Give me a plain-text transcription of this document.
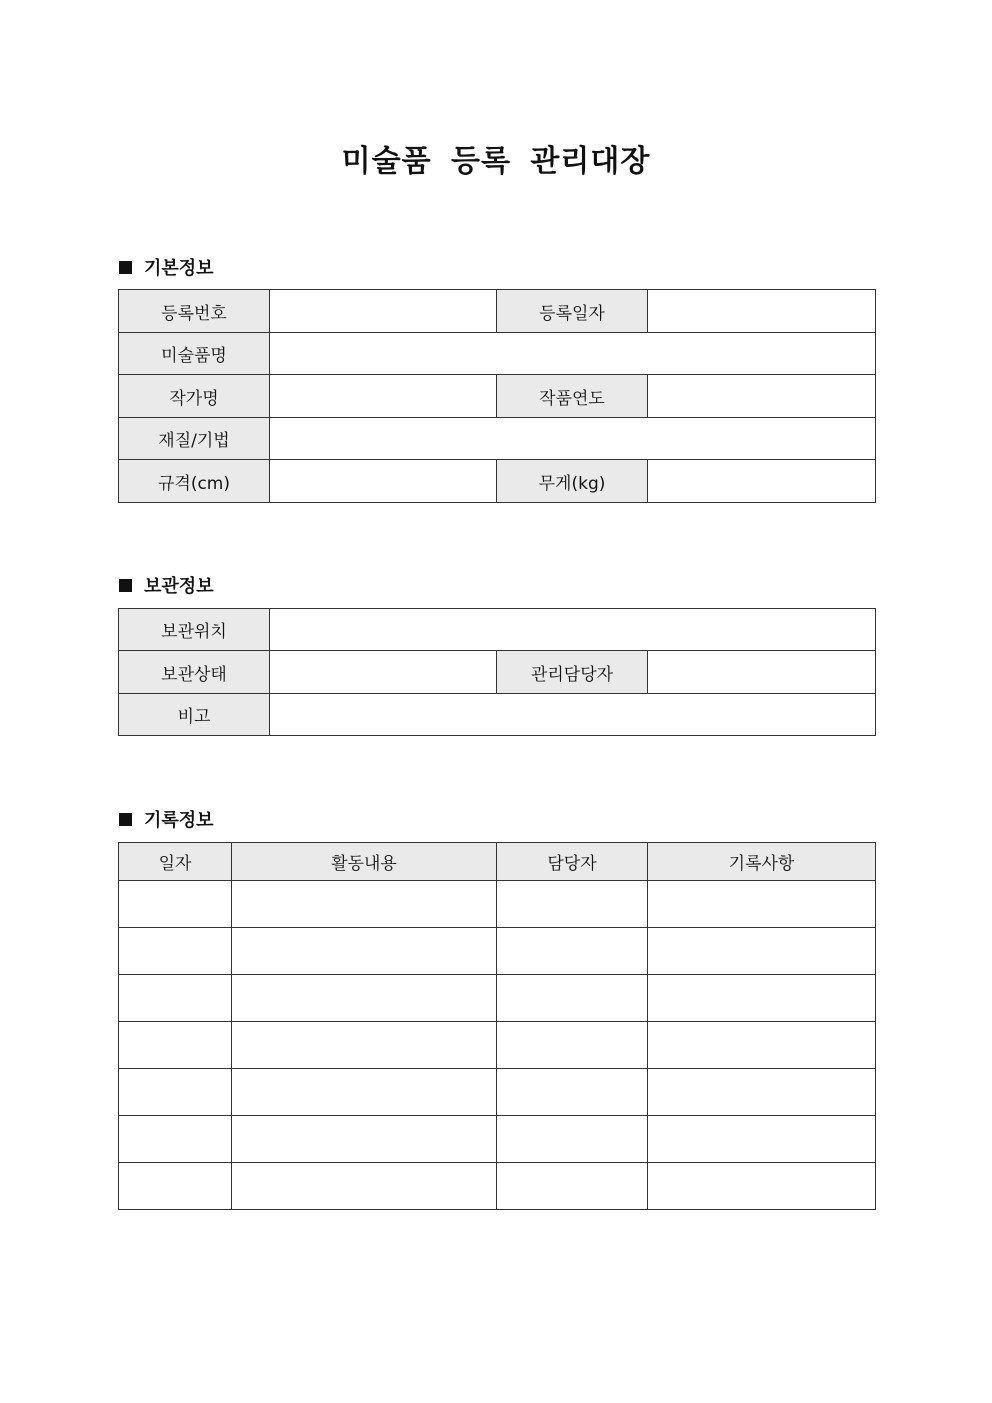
미술품 등록 관리대장
기본정보
등록번호		등록일자	
미술품명			
작가명		작품연도	
재질/기법			
규격(cm)		무게(kg)	
보관정보
보관위치			
보관상태		관리담당자	
비고			
기록정보
일자	활동내용	담당자	기록사항
